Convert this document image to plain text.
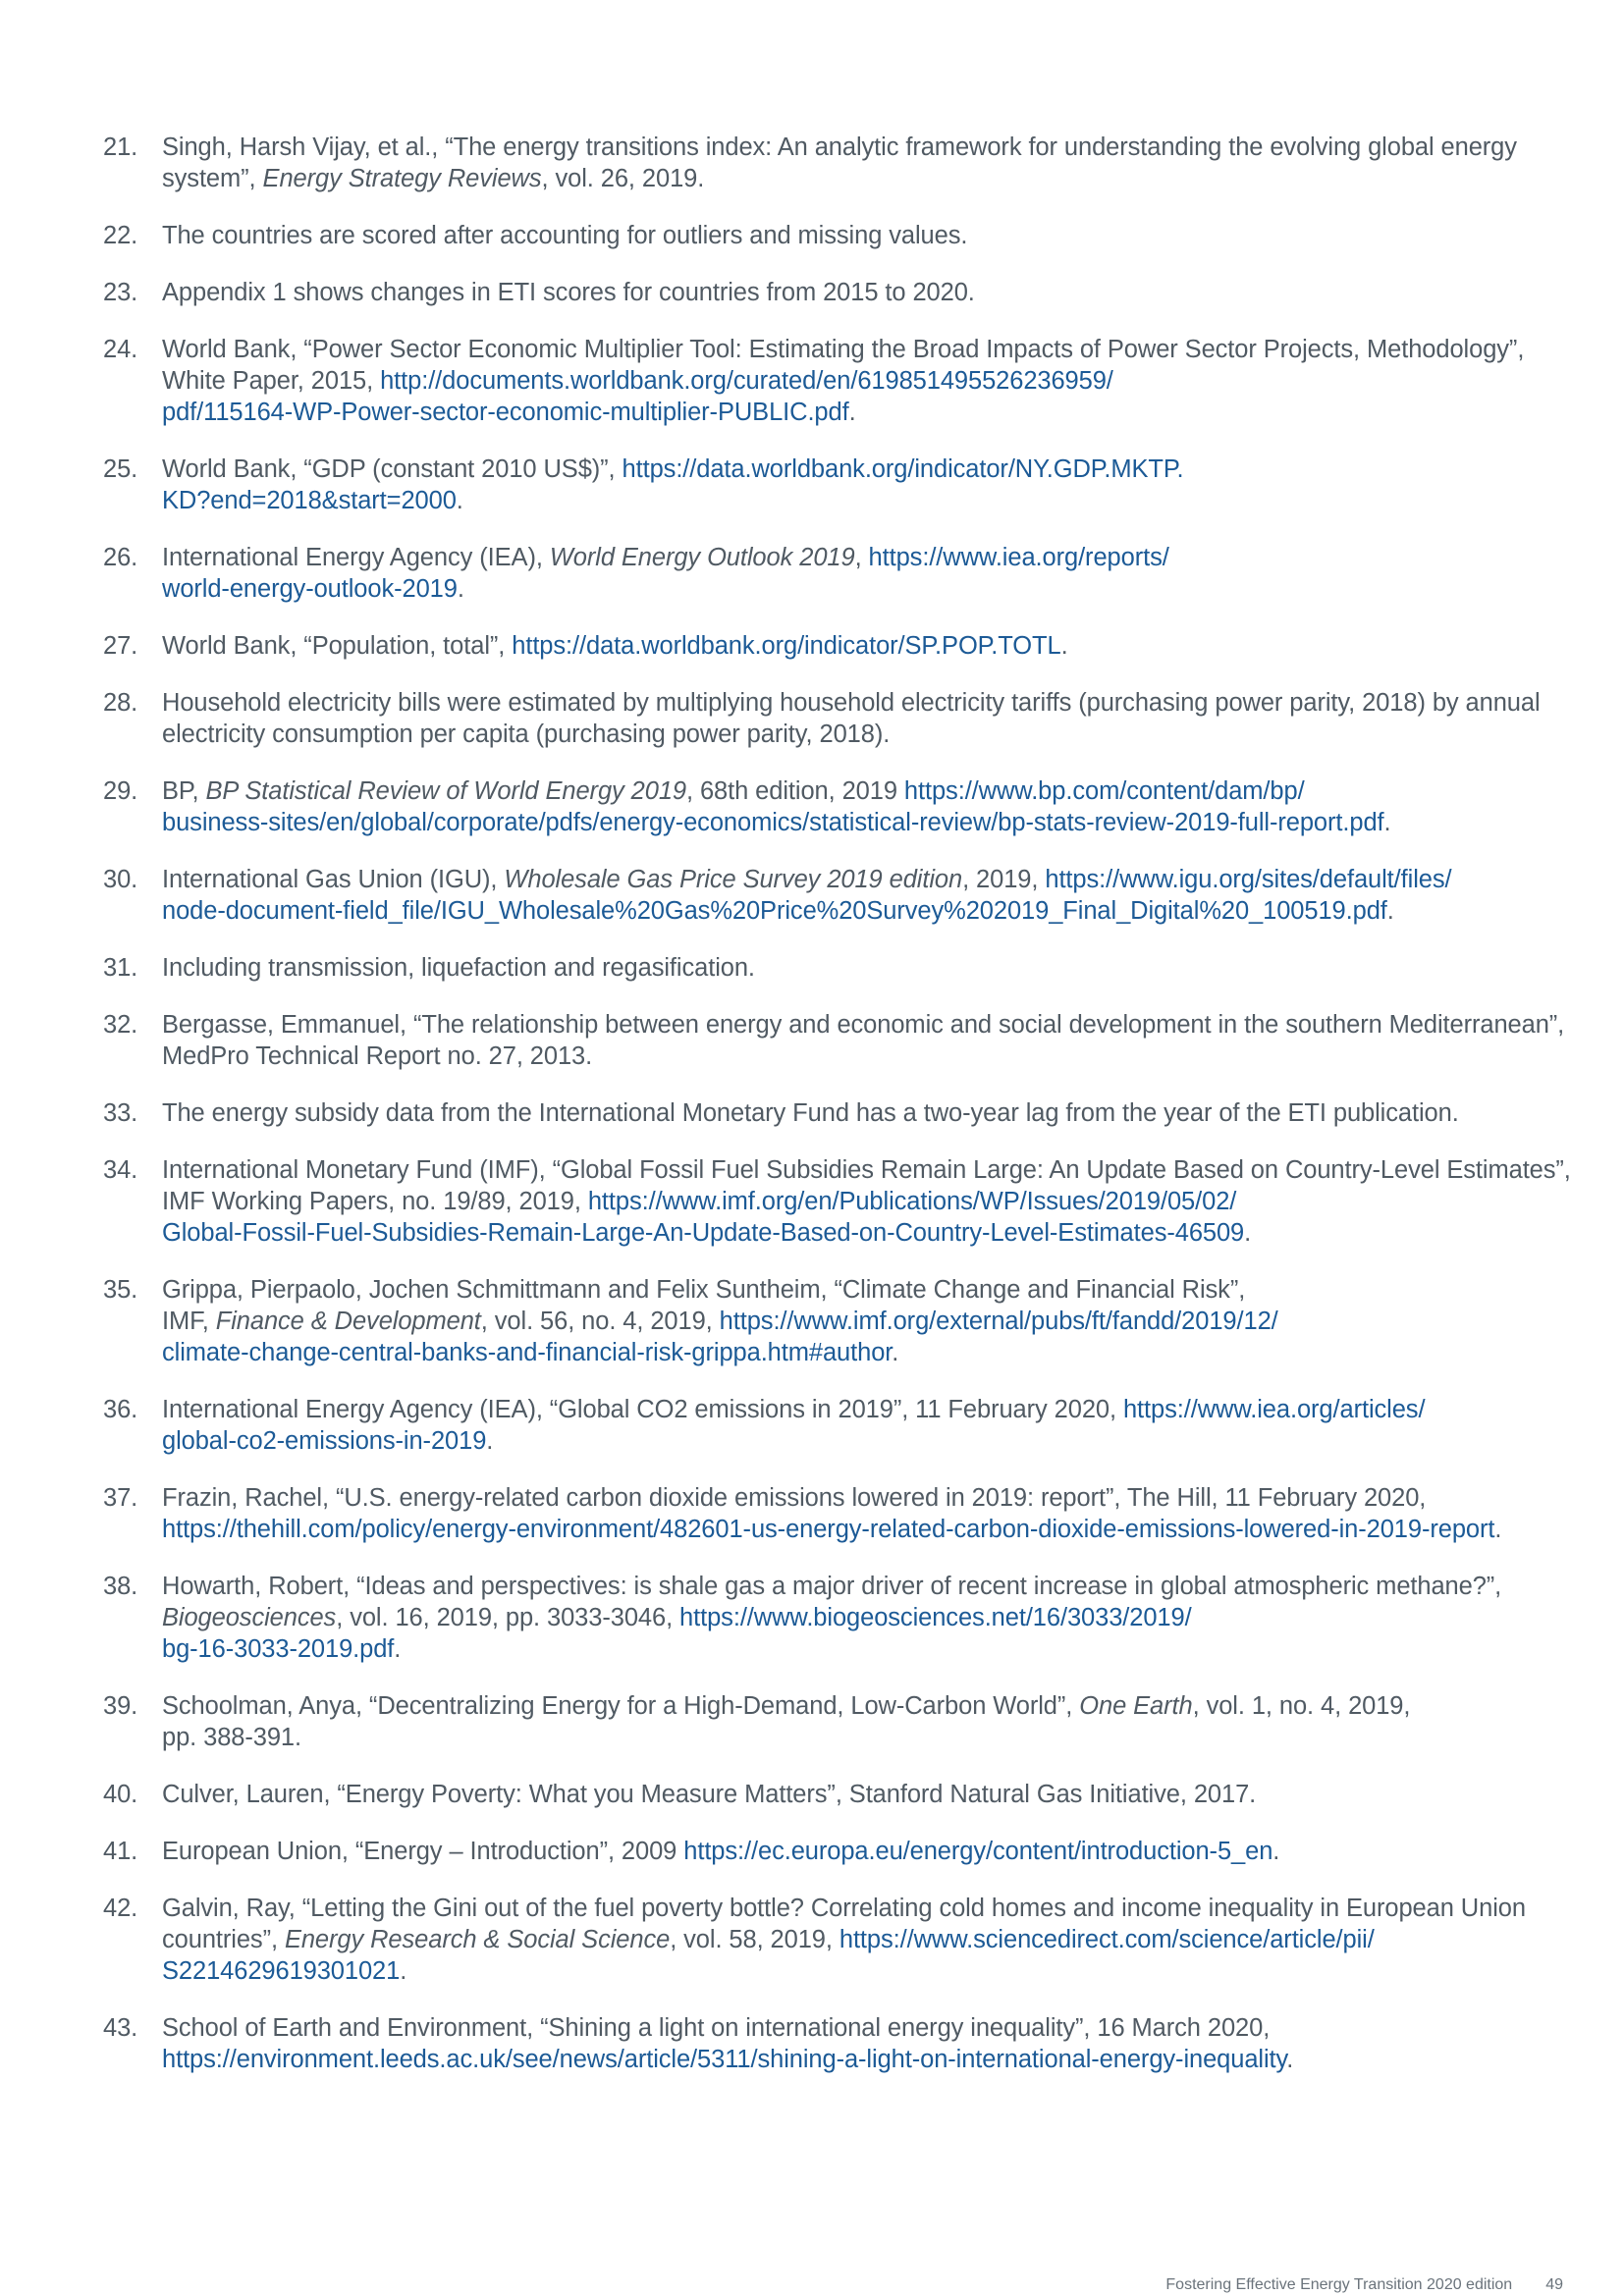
21. Singh, Harsh Vijay, et al., “The energy transitions index: An analytic framework for understanding the evolving global energy system”, Energy Strategy Reviews, vol. 26, 2019.
22. The countries are scored after accounting for outliers and missing values.
23. Appendix 1 shows changes in ETI scores for countries from 2015 to 2020.
24. World Bank, “Power Sector Economic Multiplier Tool: Estimating the Broad Impacts of Power Sector Projects, Methodology”, White Paper, 2015, http://documents.worldbank.org/curated/en/619851495526236959/
pdf/115164-WP-Power-sector-economic-multiplier-PUBLIC.pdf.
25. World Bank, “GDP (constant 2010 US$)”, https://data.worldbank.org/indicator/NY.GDP.MKTP.
KD?end=2018&start=2000.
26. International Energy Agency (IEA), World Energy Outlook 2019, https://www.iea.org/reports/
world-energy-outlook-2019.
27. World Bank, “Population, total”, https://data.worldbank.org/indicator/SP.POP.TOTL.
28. Household electricity bills were estimated by multiplying household electricity tariffs (purchasing power parity, 2018) by annual electricity consumption per capita (purchasing power parity, 2018).
29. BP, BP Statistical Review of World Energy 2019, 68th edition, 2019 https://www.bp.com/content/dam/bp/
business-sites/en/global/corporate/pdfs/energy-economics/statistical-review/bp-stats-review-2019-full-report.pdf.
30. International Gas Union (IGU), Wholesale Gas Price Survey 2019 edition, 2019, https://www.igu.org/sites/default/files/
node-document-field_file/IGU_Wholesale%20Gas%20Price%20Survey%202019_Final_Digital%20_100519.pdf.
31. Including transmission, liquefaction and regasification.
32. Bergasse, Emmanuel, “The relationship between energy and economic and social development in the southern Mediterranean”, MedPro Technical Report no. 27, 2013.
33. The energy subsidy data from the International Monetary Fund has a two-year lag from the year of the ETI publication.
34. International Monetary Fund (IMF), “Global Fossil Fuel Subsidies Remain Large: An Update Based on Country-Level Estimates”, IMF Working Papers, no. 19/89, 2019, https://www.imf.org/en/Publications/WP/Issues/2019/05/02/
Global-Fossil-Fuel-Subsidies-Remain-Large-An-Update-Based-on-Country-Level-Estimates-46509.
35. Grippa, Pierpaolo, Jochen Schmittmann and Felix Suntheim, “Climate Change and Financial Risk”,
IMF, Finance & Development, vol. 56, no. 4, 2019, https://www.imf.org/external/pubs/ft/fandd/2019/12/
climate-change-central-banks-and-financial-risk-grippa.htm#author.
36. International Energy Agency (IEA), “Global CO2 emissions in 2019”, 11 February 2020, https://www.iea.org/articles/
global-co2-emissions-in-2019.
37. Frazin, Rachel, “U.S. energy-related carbon dioxide emissions lowered in 2019: report”, The Hill, 11 February 2020,
https://thehill.com/policy/energy-environment/482601-us-energy-related-carbon-dioxide-emissions-lowered-in-2019-report.
38. Howarth, Robert, “Ideas and perspectives: is shale gas a major driver of recent increase in global atmospheric methane?”, Biogeosciences, vol. 16, 2019, pp. 3033-3046, https://www.biogeosciences.net/16/3033/2019/
bg-16-3033-2019.pdf.
39. Schoolman, Anya, “Decentralizing Energy for a High-Demand, Low-Carbon World”, One Earth, vol. 1, no. 4, 2019,
pp. 388-391.
40. Culver, Lauren, “Energy Poverty: What you Measure Matters”, Stanford Natural Gas Initiative, 2017.
41. European Union, “Energy – Introduction”, 2009 https://ec.europa.eu/energy/content/introduction-5_en.
42. Galvin, Ray, “Letting the Gini out of the fuel poverty bottle? Correlating cold homes and income inequality in European Union countries”, Energy Research & Social Science, vol. 58, 2019, https://www.sciencedirect.com/science/article/pii/
S2214629619301021.
43. School of Earth and Environment, “Shining a light on international energy inequality”, 16 March 2020,
https://environment.leeds.ac.uk/see/news/article/5311/shining-a-light-on-international-energy-inequality.
Fostering Effective Energy Transition 2020 edition 49
